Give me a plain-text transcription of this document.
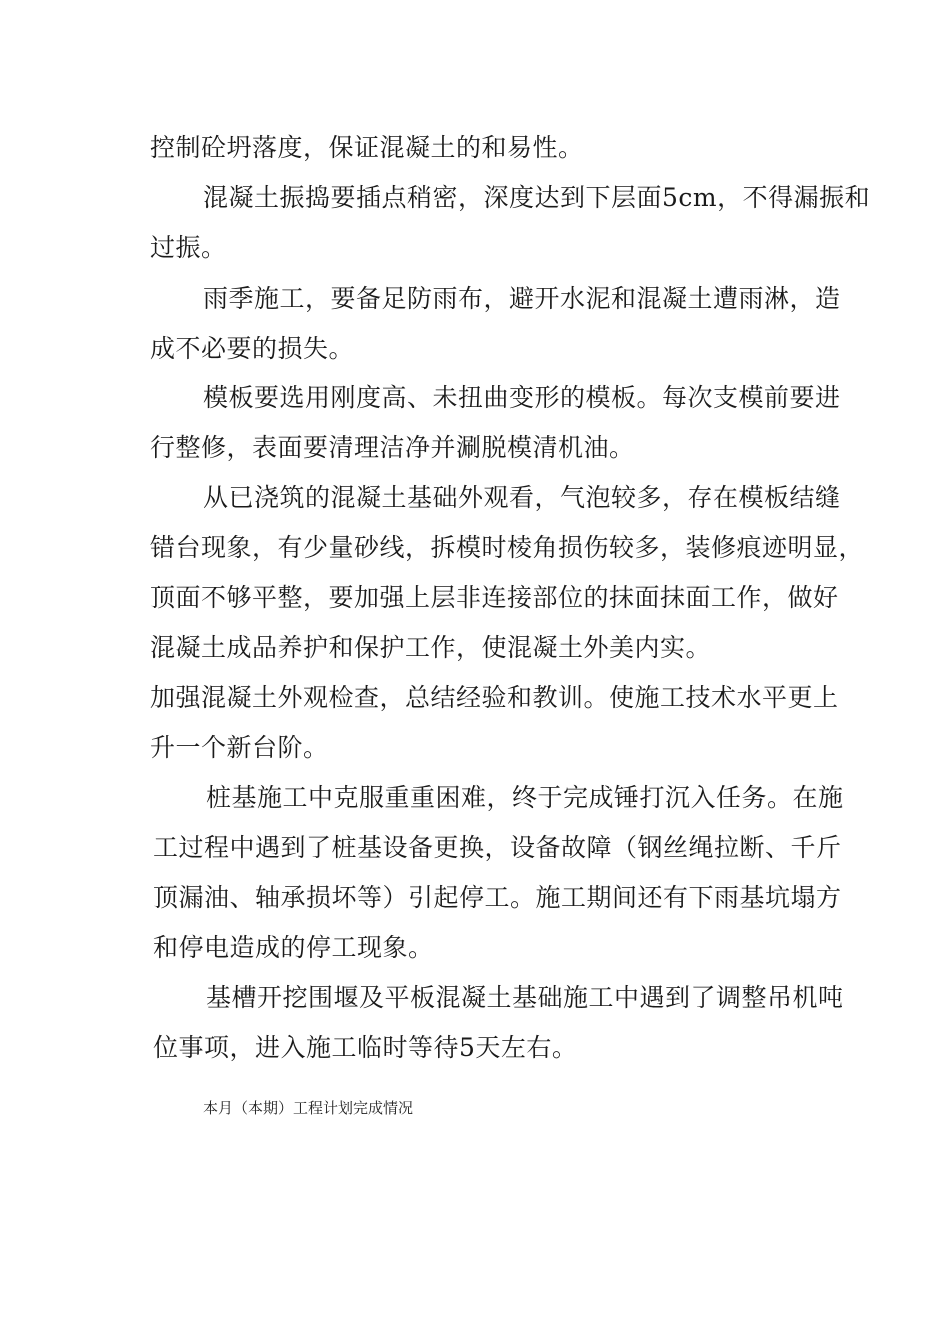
控制砼坍落度，保证混凝土的和易性。
混凝土振捣要插点稍密，深度达到下层面5cm，不得漏振和
过振。
雨季施工，要备足防雨布，避开水泥和混凝土遭雨淋，造
成不必要的损失。
模板要选用刚度高、未扭曲变形的模板。每次支模前要进
行整修，表面要清理洁净并涮脱模清机油。
从已浇筑的混凝土基础外观看，气泡较多，存在模板结缝
错台现象，有少量砂线，拆模时棱角损伤较多，装修痕迹明显，
顶面不够平整，要加强上层非连接部位的抹面抹面工作，做好
混凝土成品养护和保护工作，使混凝土外美内实。
加强混凝土外观检查，总结经验和教训。使施工技术水平更上
升一个新台阶。
桩基施工中克服重重困难，终于完成锤打沉入任务。在施
工过程中遇到了桩基设备更换，设备故障（钢丝绳拉断、千斤
顶漏油、轴承损坏等）引起停工。施工期间还有下雨基坑塌方
和停电造成的停工现象。
基槽开挖围堰及平板混凝土基础施工中遇到了调整吊机吨
位事项，进入施工临时等待5天左右。
本月（本期）工程计划完成情况
